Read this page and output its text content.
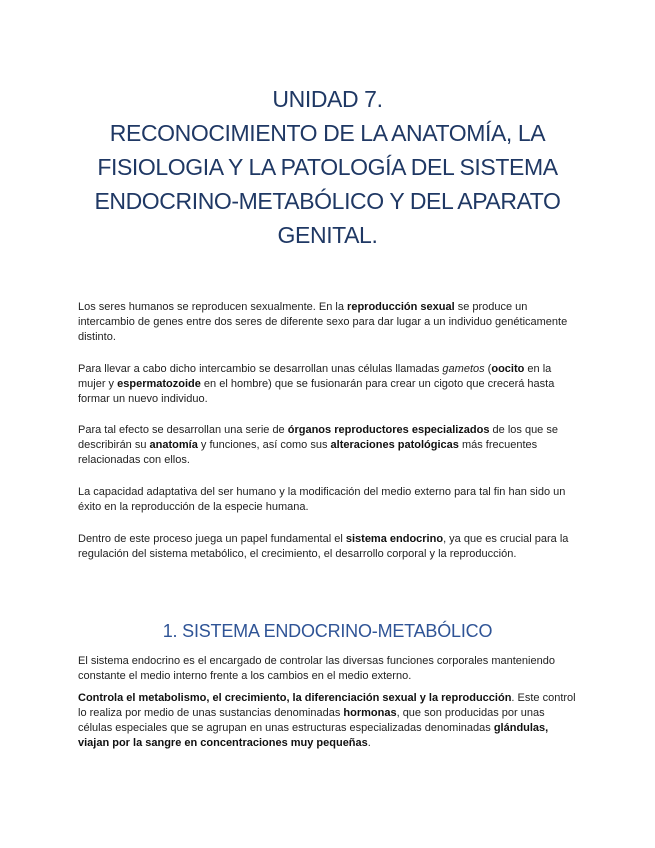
UNIDAD 7.
RECONOCIMIENTO DE LA ANATOMÍA, LA
FISIOLOGIA Y LA PATOLOGÍA DEL SISTEMA
ENDOCRINO-METABÓLICO Y DEL APARATO
GENITAL.

Los seres humanos se reproducen sexualmente. En la reproducción sexual se produce un intercambio de genes entre dos seres de diferente sexo para dar lugar a un individuo genéticamente distinto.

Para llevar a cabo dicho intercambio se desarrollan unas células llamadas gametos (oocito en la mujer y espermatozoide en el hombre) que se fusionarán para crear un cigoto que crecerá hasta formar un nuevo individuo.

Para tal efecto se desarrollan una serie de órganos reproductores especializados de los que se describirán su anatomía y funciones, así como sus alteraciones patológicas más frecuentes relacionadas con ellos.

La capacidad adaptativa del ser humano y la modificación del medio externo para tal fin han sido un éxito en la reproducción de la especie humana.

Dentro de este proceso juega un papel fundamental el sistema endocrino, ya que es crucial para la regulación del sistema metabólico, el crecimiento, el desarrollo corporal y la reproducción.

1. SISTEMA ENDOCRINO-METABÓLICO

El sistema endocrino es el encargado de controlar las diversas funciones corporales manteniendo constante el medio interno frente a los cambios en el medio externo.

Controla el metabolismo, el crecimiento, la diferenciación sexual y la reproducción. Este control lo realiza por medio de unas sustancias denominadas hormonas, que son producidas por unas células especiales que se agrupan en unas estructuras especializadas denominadas glándulas, viajan por la sangre en concentraciones muy pequeñas.
